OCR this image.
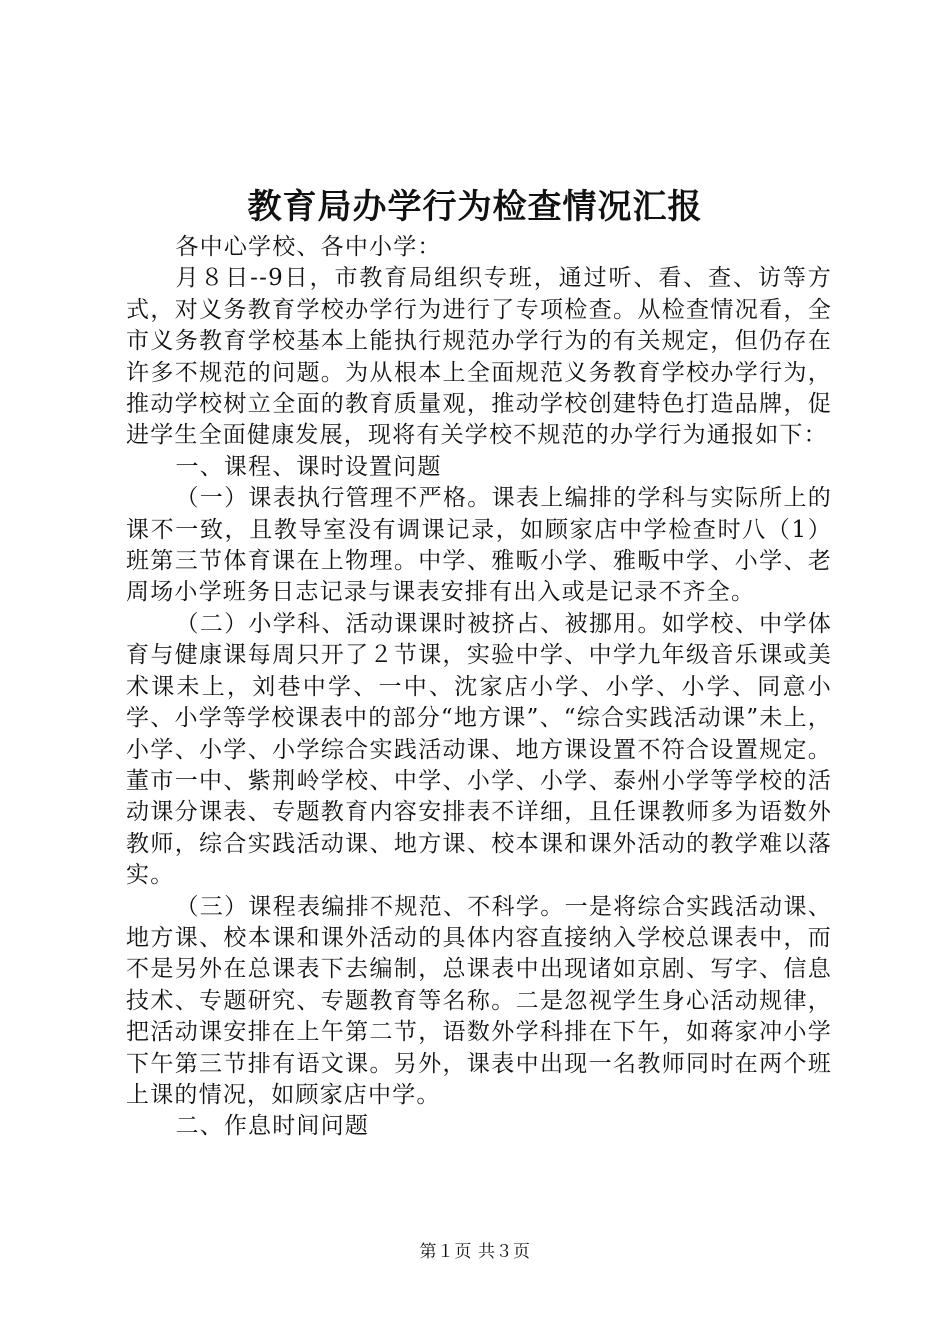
教育局办学行为检查情况汇报

各中心学校、各中小学：

月８日--9日，市教育局组织专班，通过听、看、查、访等方式，对义务教育学校办学行为进行了专项检查。从检查情况看，全市义务教育学校基本上能执行规范办学行为的有关规定，但仍存在许多不规范的问题。为从根本上全面规范义务教育学校办学行为，推动学校树立全面的教育质量观，推动学校创建特色打造品牌，促进学生全面健康发展，现将有关学校不规范的办学行为通报如下：

一、课程、课时设置问题

（一）课表执行管理不严格。课表上编排的学科与实际所上的课不一致，且教导室没有调课记录，如顾家店中学检查时八（1）班第三节体育课在上物理。中学、雅畈小学、雅畈中学、小学、老周场小学班务日志记录与课表安排有出入或是记录不齐全。

（二）小学科、活动课课时被挤占、被挪用。如学校、中学体育与健康课每周只开了２节课，实验中学、中学九年级音乐课或美术课未上，刘巷中学、一中、沈家店小学、小学、小学、同意小学、小学等学校课表中的部分“地方课”、“综合实践活动课”未上，小学、小学、小学综合实践活动课、地方课设置不符合设置规定。董市一中、紫荆岭学校、中学、小学、小学、泰州小学等学校的活动课分课表、专题教育内容安排表不详细，且任课教师多为语数外教师，综合实践活动课、地方课、校本课和课外活动的教学难以落实。

（三）课程表编排不规范、不科学。一是将综合实践活动课、地方课、校本课和课外活动的具体内容直接纳入学校总课表中，而不是另外在总课表下去编制，总课表中出现诸如京剧、写字、信息技术、专题研究、专题教育等名称。二是忽视学生身心活动规律，把活动课安排在上午第二节，语数外学科排在下午，如蒋家冲小学下午第三节排有语文课。另外，课表中出现一名教师同时在两个班上课的情况，如顾家店中学。

二、作息时间问题

第１页 共３页
